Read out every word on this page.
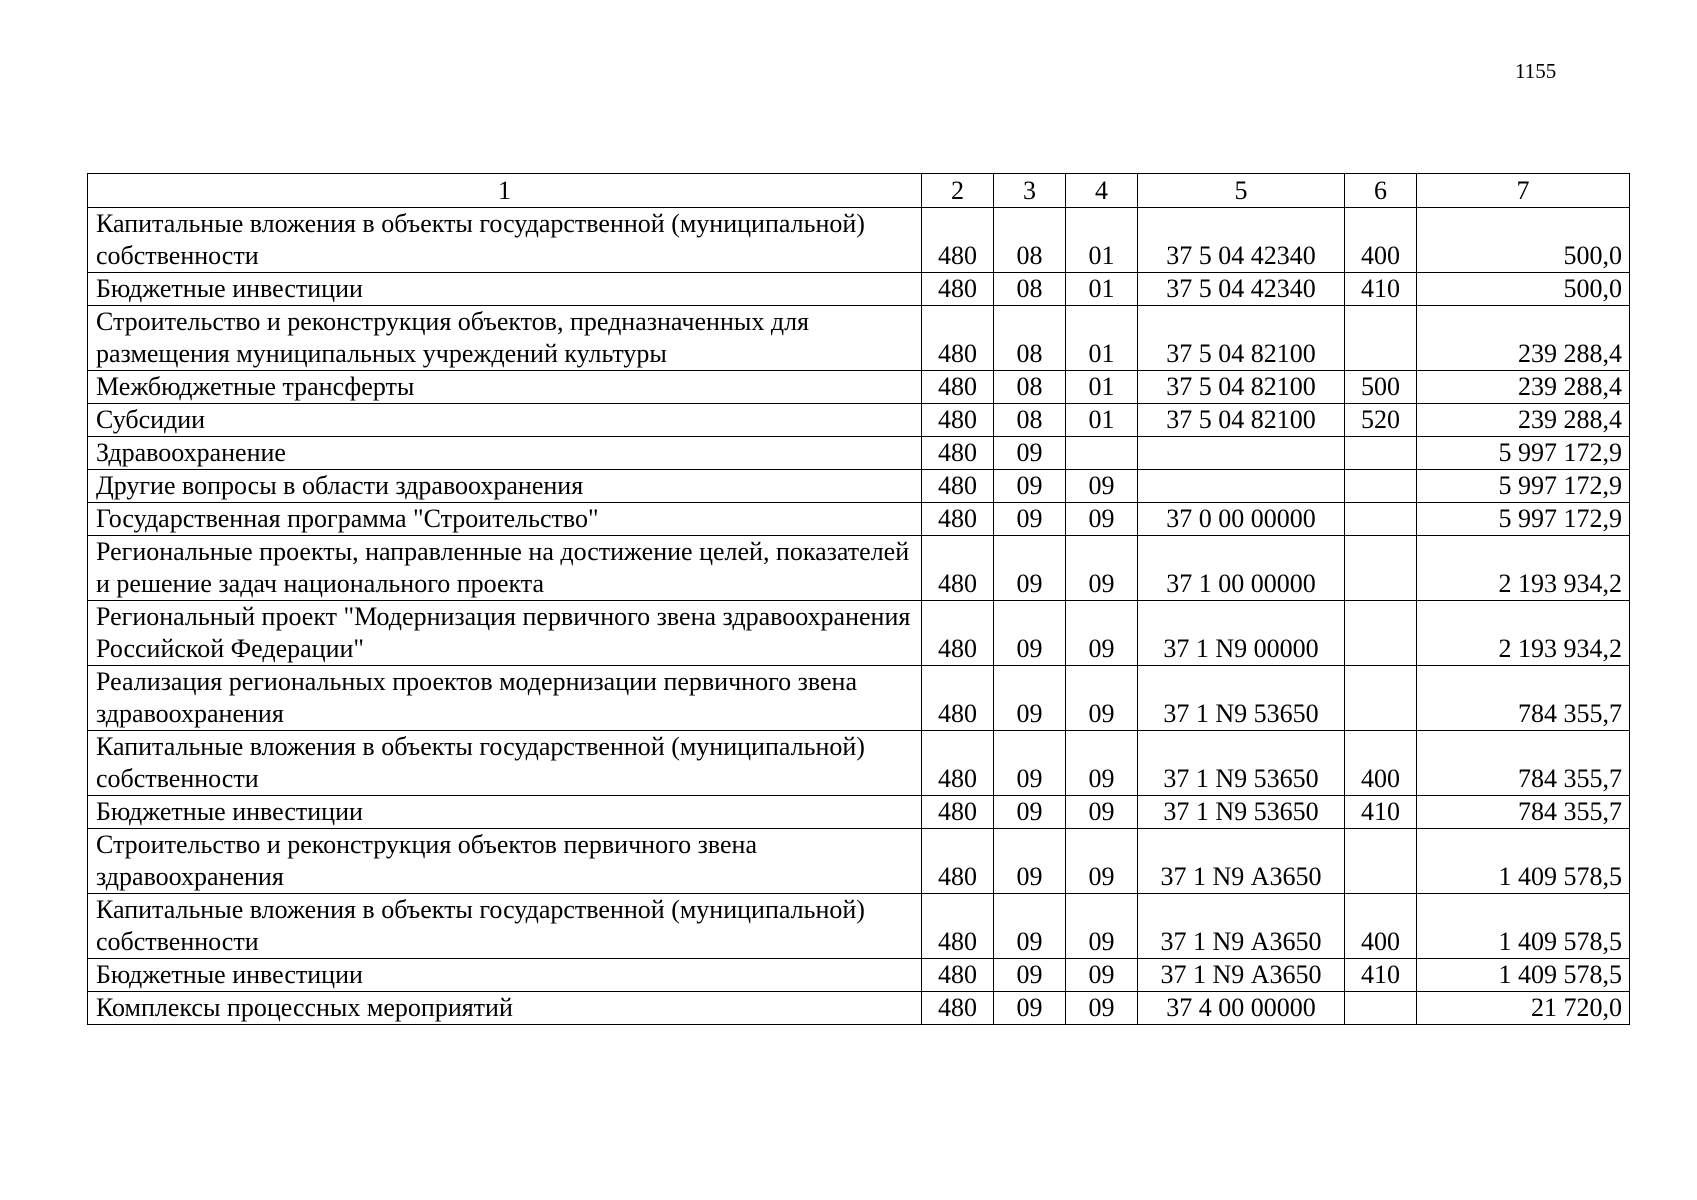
1155
1	2	3	4	5	6	7
Капитальные вложения в объекты государственной (муниципальной) собственности	480	08	01	37 5 04 42340	400	500,0
Бюджетные инвестиции	480	08	01	37 5 04 42340	410	500,0
Строительство и реконструкция объектов, предназначенных для размещения муниципальных учреждений культуры	480	08	01	37 5 04 82100		239 288,4
Межбюджетные трансферты	480	08	01	37 5 04 82100	500	239 288,4
Субсидии	480	08	01	37 5 04 82100	520	239 288,4
Здравоохранение	480	09				5 997 172,9
Другие вопросы в области здравоохранения	480	09	09			5 997 172,9
Государственная программа "Строительство"	480	09	09	37 0 00 00000		5 997 172,9
Региональные проекты, направленные на достижение целей, показателей и решение задач национального проекта	480	09	09	37 1 00 00000		2 193 934,2
Региональный проект "Модернизация первичного звена здравоохранения Российской Федерации"	480	09	09	37 1 N9 00000		2 193 934,2
Реализация региональных проектов модернизации первичного звена здравоохранения	480	09	09	37 1 N9 53650		784 355,7
Капитальные вложения в объекты государственной (муниципальной) собственности	480	09	09	37 1 N9 53650	400	784 355,7
Бюджетные инвестиции	480	09	09	37 1 N9 53650	410	784 355,7
Строительство и реконструкция объектов первичного звена здравоохранения	480	09	09	37 1 N9 А3650		1 409 578,5
Капитальные вложения в объекты государственной (муниципальной) собственности	480	09	09	37 1 N9 А3650	400	1 409 578,5
Бюджетные инвестиции	480	09	09	37 1 N9 А3650	410	1 409 578,5
Комплексы процессных мероприятий	480	09	09	37 4 00 00000		21 720,0
